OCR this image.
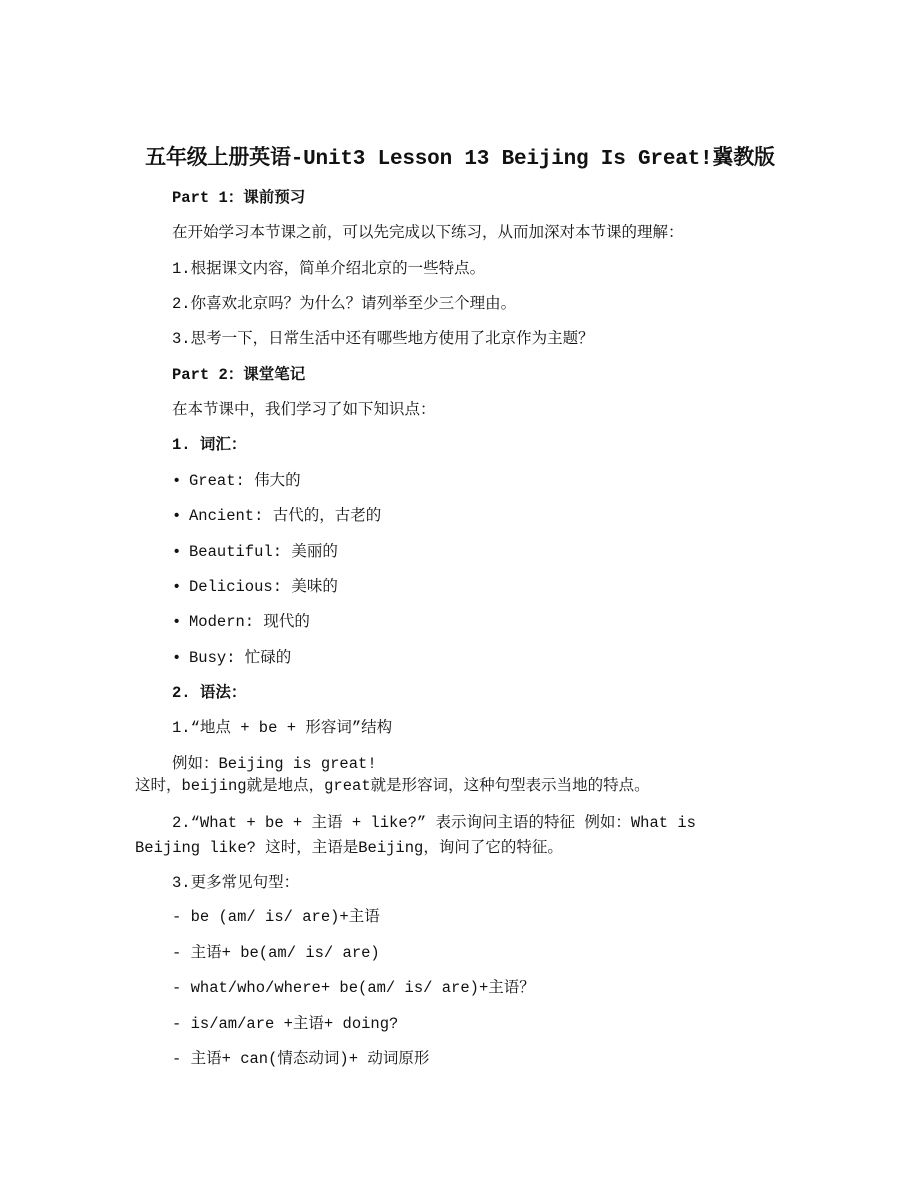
五年级上册英语-Unit3 Lesson 13 Beijing Is Great!冀教版
Part 1：课前预习
在开始学习本节课之前，可以先完成以下练习，从而加深对本节课的理解：
1.根据课文内容，简单介绍北京的一些特点。
2.你喜欢北京吗？为什么？请列举至少三个理由。
3.思考一下，日常生活中还有哪些地方使用了北京作为主题？
Part 2：课堂笔记
在本节课中，我们学习了如下知识点：
1. 词汇：
• Great: 伟大的
• Ancient: 古代的，古老的
• Beautiful: 美丽的
• Delicious: 美味的
• Modern: 现代的
• Busy: 忙碌的
2. 语法：
1.“地点 + be + 形容词”结构
例如：Beijing is great!
这时，beijing就是地点，great就是形容词，这种句型表示当地的特点。
2.“What + be + 主语 + like?” 表示询问主语的特征 例如：What is Beijing like? 这时，主语是Beijing，询问了它的特征。
3.更多常见句型：
- be (am/ is/ are)+主语
- 主语+ be(am/ is/ are)
- what/who/where+ be(am/ is/ are)+主语？
- is/am/are +主语+ doing?
- 主语+ can(情态动词)+ 动词原形
